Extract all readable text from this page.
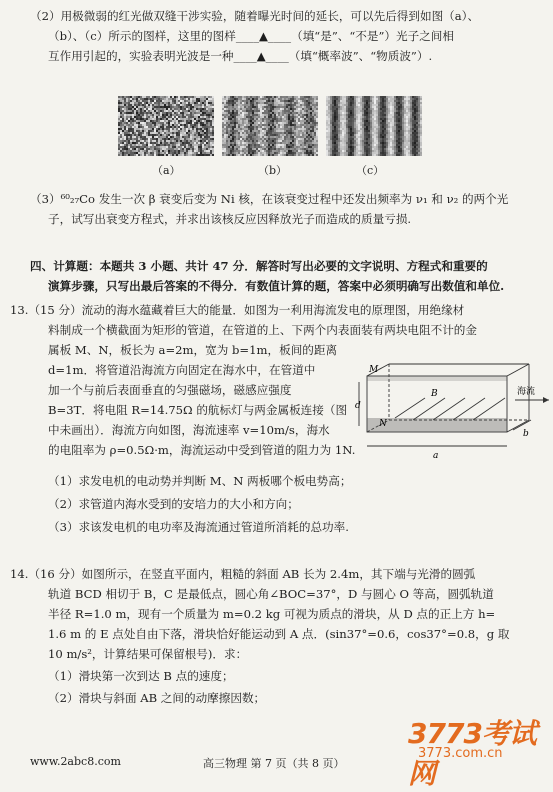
（2）用极微弱的红光做双缝干涉实验，随着曝光时间的延长，可以先后得到如图（a）、
（b）、（c）所示的图样，这里的图样____▲____（填“是”、“不是”）光子之间相
互作用引起的，实验表明光波是一种____▲____（填“概率波”、“物质波”）.
（3）⁶⁰₂₇Co 发生一次 β 衰变后变为 Ni 核，在该衰变过程中还发出频率为 ν₁ 和 ν₂ 的两个光
子，试写出衰变方程式，并求出该核反应因释放光子而造成的质量亏损.
四、计算题：本题共 3 小题、共计 47 分．解答时写出必要的文字说明、方程式和重要的
演算步骤，只写出最后答案的不得分．有数值计算的题，答案中必须明确写出数值和单位.
13.（15 分）流动的海水蕴藏着巨大的能量．如图为一利用海流发电的原理图，用绝缘材
料制成一个横截面为矩形的管道，在管道的上、下两个内表面装有两块电阻不计的金
属板 M、N，板长为 a=2m，宽为 b=1m，板间的距离
d=1m．将管道沿海流方向固定在海水中，在管道中
加一个与前后表面垂直的匀强磁场，磁感应强度
B=3T．将电阻 R=14.75Ω 的航标灯与两金属板连接（图
中未画出）．海流方向如图，海流速率 v=10m/s，海水
的电阻率为 ρ=0.5Ω·m，海流运动中受到管道的阻力为 1N.
（1）求发电机的电动势并判断 M、N 两板哪个板电势高；
（2）求管道内海水受到的安培力的大小和方向；
（3）求该发电机的电功率及海流通过管道所消耗的总功率.
14.（16 分）如图所示，在竖直平面内，粗糙的斜面 AB 长为 2.4m，其下端与光滑的圆弧
轨道 BCD 相切于 B，C 是最低点，圆心角∠BOC=37°，D 与圆心 O 等高，圆弧轨道
半径 R=1.0 m，现有一个质量为 m=0.2 kg 可视为质点的滑块，从 D 点的正上方 h=
1.6 m 的 E 点处自由下落，滑块恰好能运动到 A 点．(sin37°=0.6，cos37°=0.8，g 取
10 m/s²，计算结果可保留根号)．求：
（1）滑块第一次到达 B 点的速度；
（2）滑块与斜面 AB 之间的动摩擦因数；
（a）	（b）	（c）
M
N
d
b
a
B	海流
www.2abc8.com	高三物理 第 7 页（共 8 页）
3773考试网
3773.com.cn
